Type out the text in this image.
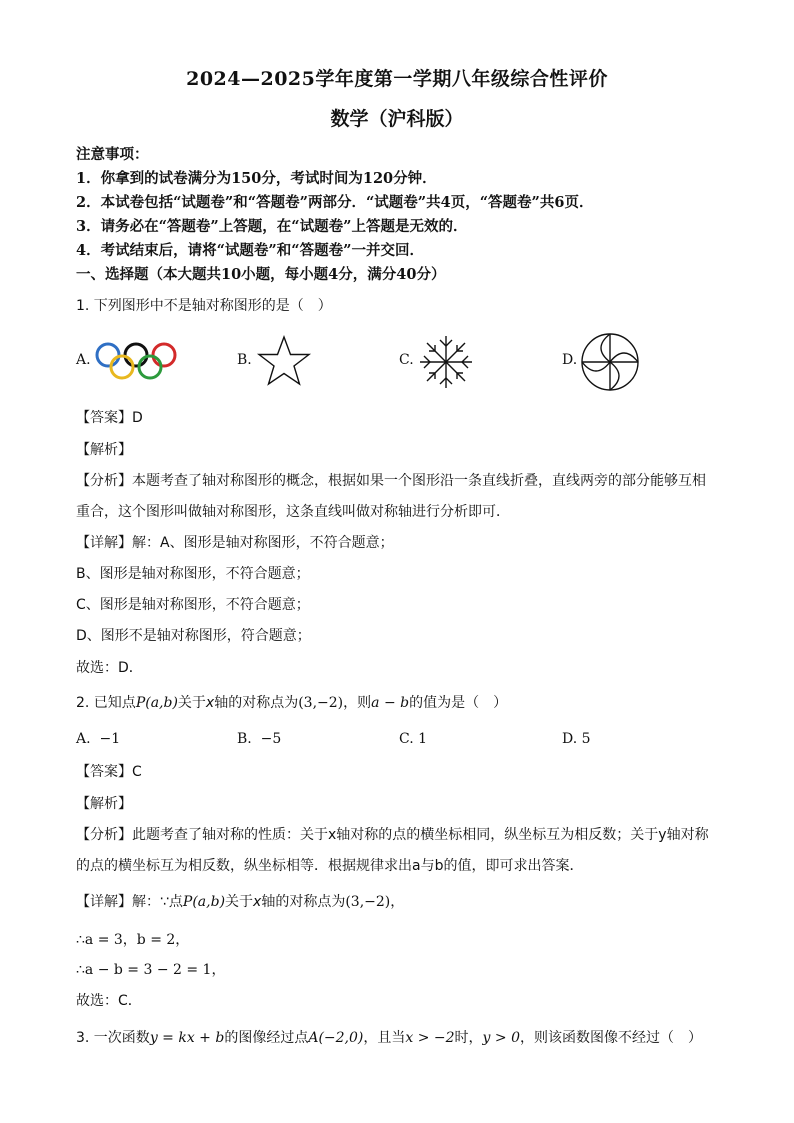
2024—2025学年度第一学期八年级综合性评价
数学（沪科版）
注意事项：
1．你拿到的试卷满分为150分，考试时间为120分钟．
2．本试卷包括“试题卷”和“答题卷”两部分．“试题卷”共4页，“答题卷”共6页．
3．请务必在“答题卷”上答题，在“试题卷”上答题是无效的．
4．考试结束后，请将“试题卷”和“答题卷”一并交回．
一、选择题（本大题共10小题，每小题4分，满分40分）
1. 下列图形中不是轴对称图形的是（　）
A.	B.	C.	D.
【答案】D
【解析】
【分析】本题考查了轴对称图形的概念，根据如果一个图形沿一条直线折叠，直线两旁的部分能够互相重合，这个图形叫做轴对称图形，这条直线叫做对称轴进行分析即可．
【详解】解：A、图形是轴对称图形，不符合题意；
B、图形是轴对称图形，不符合题意；
C、图形是轴对称图形，不符合题意；
D、图形不是轴对称图形，符合题意；
故选：D．
2. 已知点P(a,b)关于x轴的对称点为(3,−2)，则a − b的值为是（　）
A. −1	B. −5	C. 1	D. 5
【答案】C
【解析】
【分析】此题考查了轴对称的性质：关于x轴对称的点的横坐标相同，纵坐标互为相反数；关于y轴对称的点的横坐标互为相反数，纵坐标相等．根据规律求出a与b的值，即可求出答案．
【详解】解：∵点P(a,b)关于x轴的对称点为(3,−2)，
∴a = 3，b = 2，
∴a − b = 3 − 2 = 1，
故选：C．
3. 一次函数y = kx + b的图像经过点A(−2,0)，且当x > −2时，y > 0，则该函数图像不经过（　）
